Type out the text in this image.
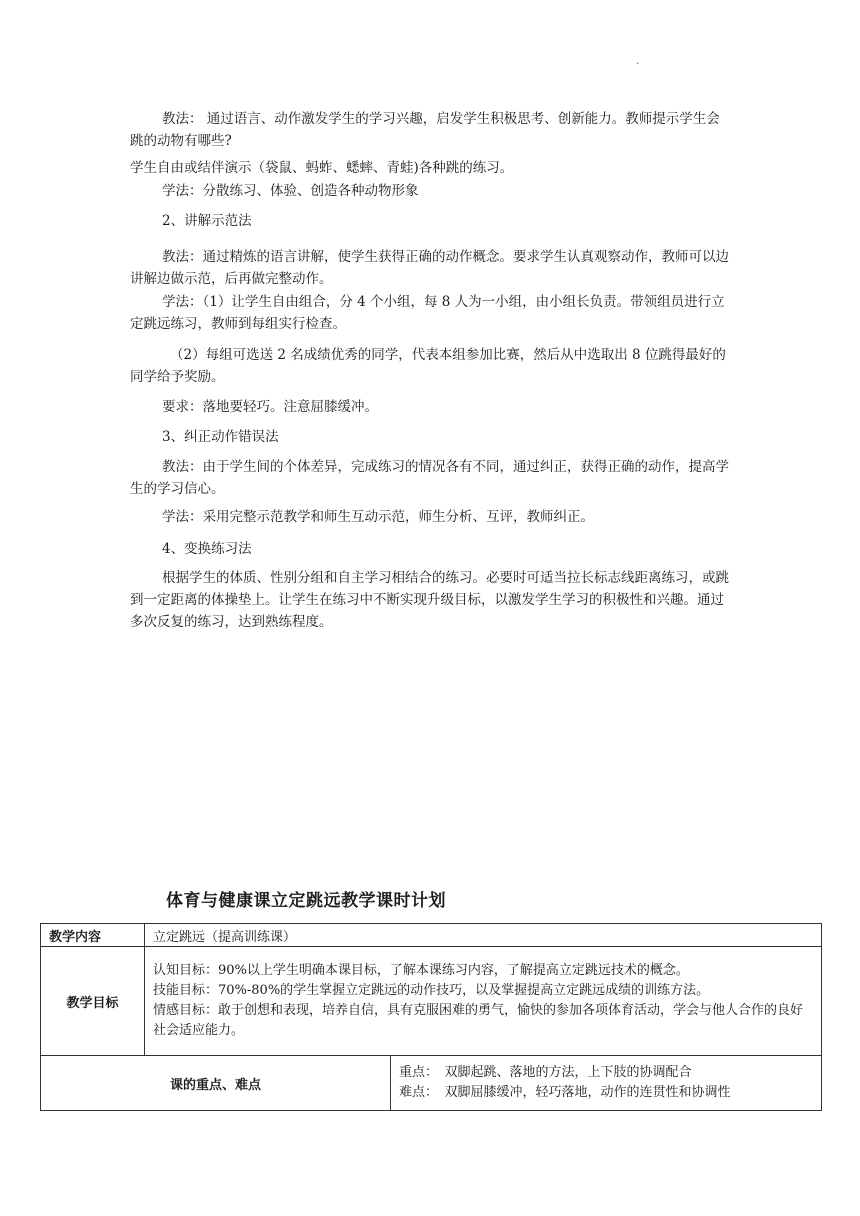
.

教法： 通过语言、动作激发学生的学习兴趣，启发学生积极思考、创新能力。教师提示学生会跳的动物有哪些?

学生自由或结伴演示（袋鼠、蚂蚱、蟋蟀、青蛙)各种跳的练习。

学法：分散练习、体验、创造各种动物形象

2、讲解示范法

教法：通过精炼的语言讲解，使学生获得正确的动作概念。要求学生认真观察动作，教师可以边讲解边做示范，后再做完整动作。

学法：（1）让学生自由组合，分 4 个小组，每 8 人为一小组，由小组长负责。带领组员进行立定跳远练习，教师到每组实行检查。

（2）每组可选送 2 名成绩优秀的同学，代表本组参加比赛，然后从中选取出 8 位跳得最好的同学给予奖励。

要求：落地要轻巧。注意屈膝缓冲。

3、纠正动作错误法

教法：由于学生间的个体差异，完成练习的情况各有不同，通过纠正，获得正确的动作，提高学生的学习信心。

学法：采用完整示范教学和师生互动示范，师生分析、互评，教师纠正。

4、变换练习法

根据学生的体质、性别分组和自主学习相结合的练习。必要时可适当拉长标志线距离练习，或跳到一定距离的体操垫上。让学生在练习中不断实现升级目标，以激发学生学习的积极性和兴趣。通过多次反复的练习，达到熟练程度。

体育与健康课立定跳远教学课时计划
教学内容	立定跳远（提高训练课）	
教学目标	认知目标：90%以上学生明确本课目标，了解本课练习内容，了解提高立定跳远技术的概念。
技能目标：70%-80%的学生掌握立定跳远的动作技巧，以及掌握提高立定跳远成绩的训练方法。
情感目标：敢于创想和表现，培养自信，具有克服困难的勇气，愉快的参加各项体育活动，学会与他人合作的良好社会适应能力。	

课的重点、难点		重点：　双脚起跳、落地的方法，上下肢的协调配合
难点：　双脚屈膝缓冲，轻巧落地，动作的连贯性和协调性
